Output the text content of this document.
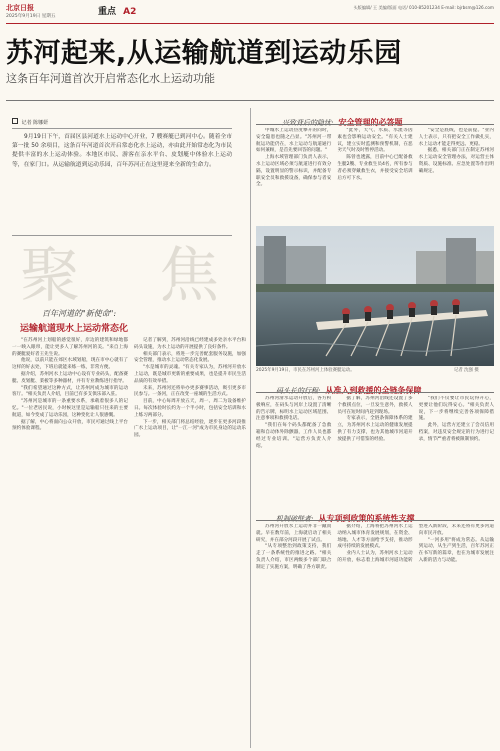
北京日报
2025年9月19日 星期五	重点 A2	头版编辑/ 王 美编/版面 电话/ 010-85201234 E-mail: bjrbsm@126.com
苏河起来,从运输航道到运动乐园
这条百年河道首次开启常态化水上运动功能
记者 陈娜妍
9月19日下午，首届区县河道水上运动中心开业，7 艘赛艇已到河中心。随着全市第一批 50 余项目，这条百年河道首次开启常态化水上运动，亦由此开始常态化为市民提供丰富的水上运动体验。本地区市民、游客在亲水平台、皮划艇中体验水上运动等，在家门口。从运输航道到运动乐园，百年苏河正在这里迎来全新的生命力。
聚 焦
百年河道的"新使命":
运输航道现水上运动常态化

"在苏州河上划船的感觉很好，岸边的建筑和绿地都一一映入眼帘，能让更多人了解苏州河的美。"来自上海的赛艇爱好者王先生说。

他说，以前只能在郊区水域划船，现在市中心就有了这样的好去处，下班后就能来练一练，非常方便。

据介绍，苏州河水上运动中心设有专业码头，配备赛艇、皮划艇、桨板等多种器材，并有专业教练进行指导。

"我们希望通过这种方式，让苏州河成为城市的运动客厅。"相关负责人介绍，目前已有多支俱乐部入驻。

"苏州河是城市的一条重要水系，承载着很多人的记忆。"一位老居民说，小时候这里是运输船只往来的主要航道，如今变成了运动乐园，这种变化让人很感慨。

据了解，中心将面向公众开放，市民可通过线上平台预约体验课程。

记者了解到，苏州河沿线已经建成多处亲水平台和码头设施，为水上运动的开展提供了良好条件。

相关部门表示，将进一步完善配套服务设施，加强安全管理，推动水上运动常态化发展。

"水是城市的灵魂。"有关专家认为，苏州河开放水上运动，既是城市更新的重要成果，也是提升市民生活品质的有效举措。

未来，苏州河还将举办更多赛事活动，吸引更多市民参与。一条河，正在改变一座城的生活方式。

目前，中心每周开放五天，周一、周二为设备维护日。每次体验时长约为一个半小时，包括安全培训和水上练习两部分。

下一步，相关部门将总结经验，逐步在更多河段推广水上运动项目，让"一江一河"成为市民身边的运动乐园。

兴致背后的隐忧: 安全管理的必答题

中城水上运动热度攀升的同时，安全隐患也随之凸显。"苏州河一带航运功能仍在，水上运动与航道通行如何兼顾，是首先要回答的问题。"

上海水域管理部门负责人表示，水上运动区域必须与航道进行有效分隔，设置明显的警示标识，并配备专职安全员和救援设备，确保参与者安全。

"此外，天气、水质、水流等因素也会影响运动安全。"有关人士建议，建立实时监测和预警机制，在恶劣天气时及时暂停活动。

陈曾也透露，目前中心已配备救生艇2艘、专业救生员4名，所有参与者必须穿戴救生衣，并接受安全培训后方可下水。

"安全是底线，也是前提。"业内人士表示，只有把安全工作做扎实，水上运动才能走得更远、更稳。

据悉，相关部门正在制定苏州河水上运动安全管理办法，对运营主体资质、设施标准、应急处置等作出明确规定。

2025年9月19日，市民在苏州河上体验赛艇运动。	记者 沈强 摄
码头长的行程: 从准入到救援的全链条保障

苏州河滑水运动开放后，各方积极响应，在码头与河岸上设置了清晰的告示牌，标明水上运动区域范围、注意事项和救援电话。

"我们在每个码头都配备了急救箱和自动体外除颤器，工作人员也都经过专业培训。"运营方负责人介绍。

据了解，苏州河沿线还设置了多个救援点位，一旦发生意外，救援人员可在短时间内赶到现场。

专家表示，全链条保障体系的建立，为苏州河水上运动的健康发展提供了有力支撑，也为其他城市河道开放提供了可借鉴的经验。

"我们不仅要让市民玩得开心，更要让他们玩得安心。"相关负责人说，下一步将继续完善各项保障措施。

此外，运营方还建立了会员信用档案，对违反安全规定的行为进行记录，情节严重者将被限制预约。

机制破壁者: 从专项到政策的系统性支撑

苏州河开放水上运动并非一蹴而就。早在数年前，上海就启动了相关研究，并在部分河段开展了试点。

"从专项整治到政策支持，我们走了一条系统性的推进之路。"相关负责人介绍，市区两级多个部门联合制定了实施方案，明确了各方职责。

据介绍，上海将把苏州河水上运动纳入城市体育发展规划，在资金、场地、人才等方面给予支持，推动形成可持续的发展模式。

业内人士认为，苏州河水上运动的开放，标志着上海城市河道功能转型进入新阶段，未来还将有更多河道向市民开放。

"一河多用"将成为常态。从运输到运动，从生产到生活，百年苏河正在书写新的篇章，也在为城市发展注入新的活力与动能。
